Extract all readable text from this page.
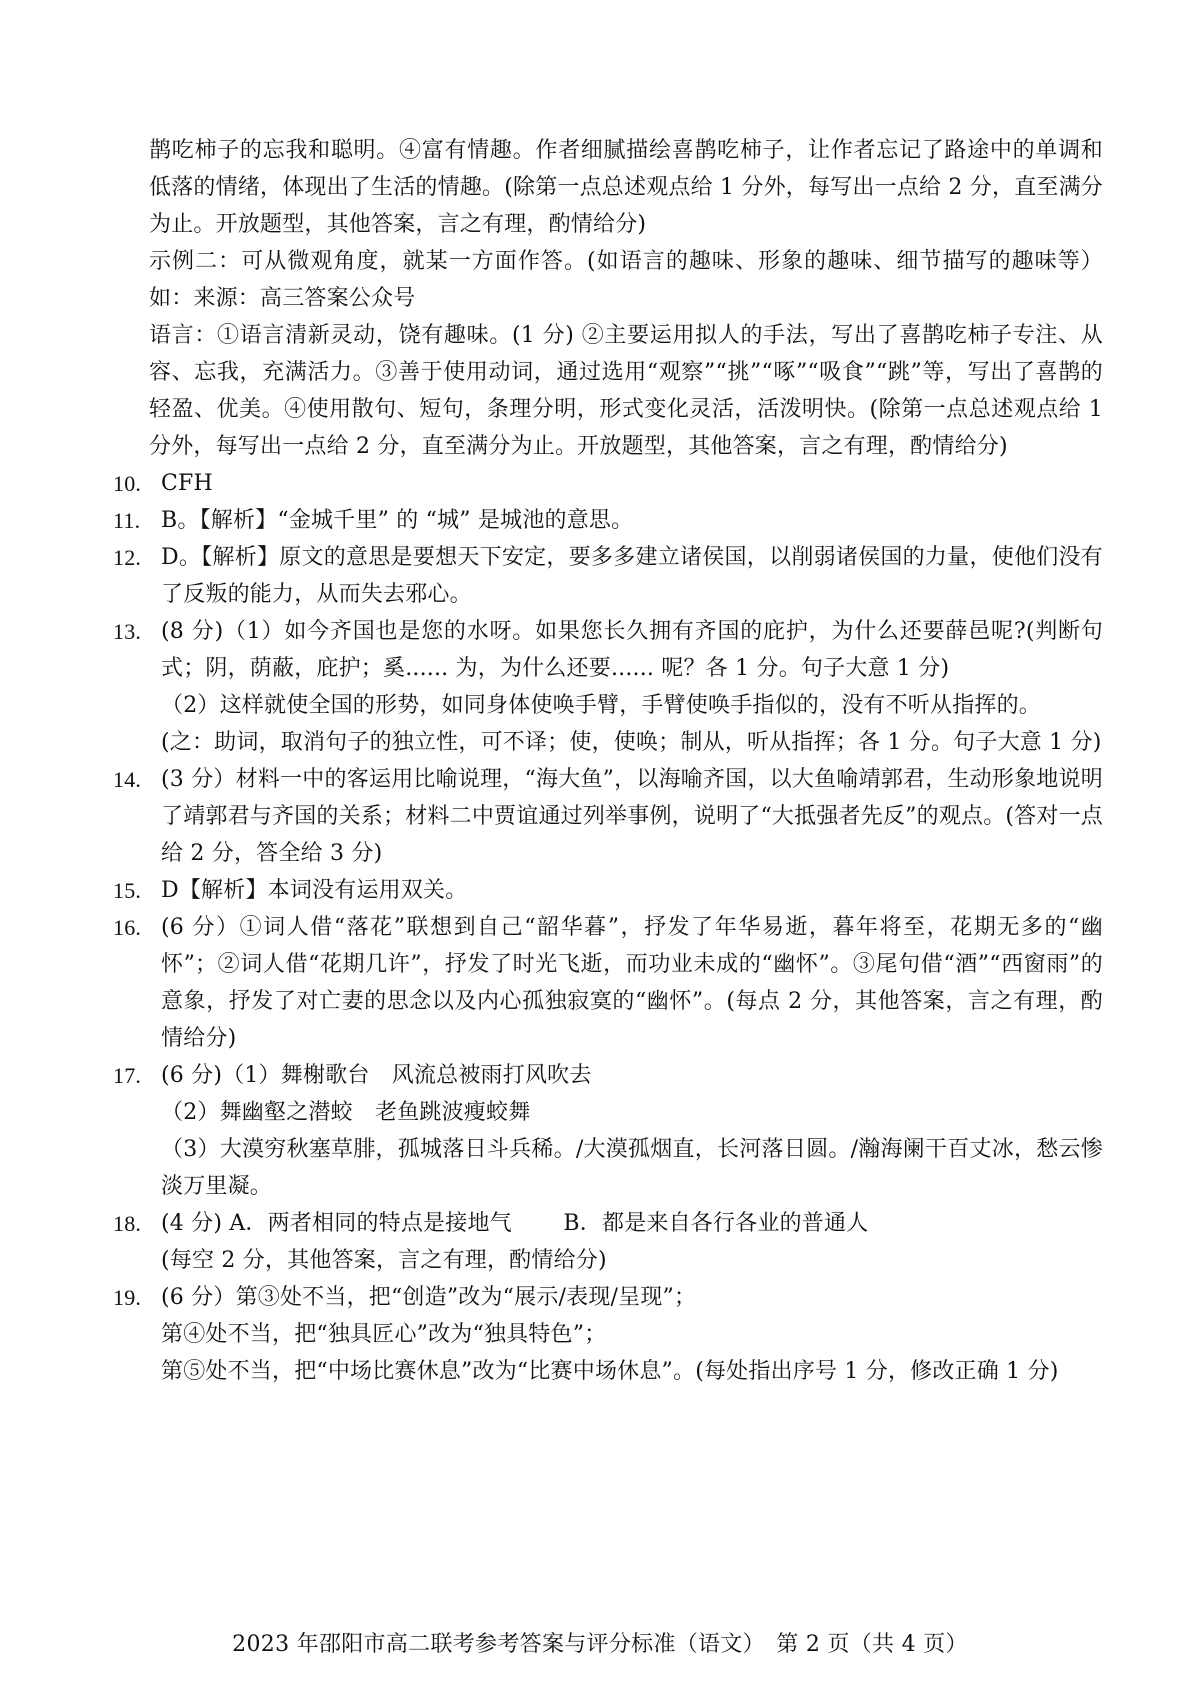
鹊吃柿子的忘我和聪明。④富有情趣。作者细腻描绘喜鹊吃柿子，让作者忘记了路途中的单调和低落的情绪，体现出了生活的情趣。(除第一点总述观点给 1 分外，每写出一点给 2 分，直至满分为止。开放题型，其他答案，言之有理，酌情给分)

示例二：可从微观角度，就某一方面作答。(如语言的趣味、形象的趣味、细节描写的趣味等）如：来源：高三答案公众号

语言：①语言清新灵动，饶有趣味。(1 分) ②主要运用拟人的手法，写出了喜鹊吃柿子专注、从容、忘我，充满活力。③善于使用动词，通过选用“观察”“挑”“啄”“吸食”“跳”等，写出了喜鹊的轻盈、优美。④使用散句、短句，条理分明，形式变化灵活，活泼明快。(除第一点总述观点给 1 分外，每写出一点给 2 分，直至满分为止。开放题型，其他答案，言之有理，酌情给分)

10. CFH
11. B。【解析】“金城千里” 的 “城” 是城池的意思。
12. D。【解析】原文的意思是要想天下安定，要多多建立诸侯国，以削弱诸侯国的力量，使他们没有了反叛的能力，从而失去邪心。
13. (8 分)（1）如今齐国也是您的水呀。如果您长久拥有齐国的庇护，为什么还要薛邑呢?(判断句式；阴，荫蔽，庇护；奚...... 为，为什么还要...... 呢？各 1 分。句子大意 1 分)
（2）这样就使全国的形势，如同身体使唤手臂，手臂使唤手指似的，没有不听从指挥的。
(之：助词，取消句子的独立性，可不译；使，使唤；制从，听从指挥；各 1 分。句子大意 1 分)
14. (3 分）材料一中的客运用比喻说理，“海大鱼”，以海喻齐国，以大鱼喻靖郭君，生动形象地说明了靖郭君与齐国的关系；材料二中贾谊通过列举事例，说明了“大抵强者先反”的观点。(答对一点给 2 分，答全给 3 分)
15. D【解析】本词没有运用双关。
16. (6 分）①词人借“落花”联想到自己“韶华暮”，抒发了年华易逝，暮年将至，花期无多的“幽怀”；②词人借“花期几许”，抒发了时光飞逝，而功业未成的“幽怀”。③尾句借“酒”“西窗雨”的意象，抒发了对亡妻的思念以及内心孤独寂寞的“幽怀”。(每点 2 分，其他答案，言之有理，酌情给分)
17. (6 分)（1）舞榭歌台　风流总被雨打风吹去
（2）舞幽壑之潜蛟　老鱼跳波瘦蛟舞
（3）大漠穷秋塞草腓，孤城落日斗兵稀。/大漠孤烟直，长河落日圆。/瀚海阑干百丈冰，愁云惨淡万里凝。
18. (4 分) A．两者相同的特点是接地气　　 B．都是来自各行各业的普通人
(每空 2 分，其他答案，言之有理，酌情给分)
19. (6 分）第③处不当，把“创造”改为“展示/表现/呈现”；
第④处不当，把“独具匠心”改为“独具特色”；
第⑤处不当，把“中场比赛休息”改为“比赛中场休息”。(每处指出序号 1 分，修改正确 1 分)
2023 年邵阳市高二联考参考答案与评分标准（语文）　第 2 页（共 4 页）
